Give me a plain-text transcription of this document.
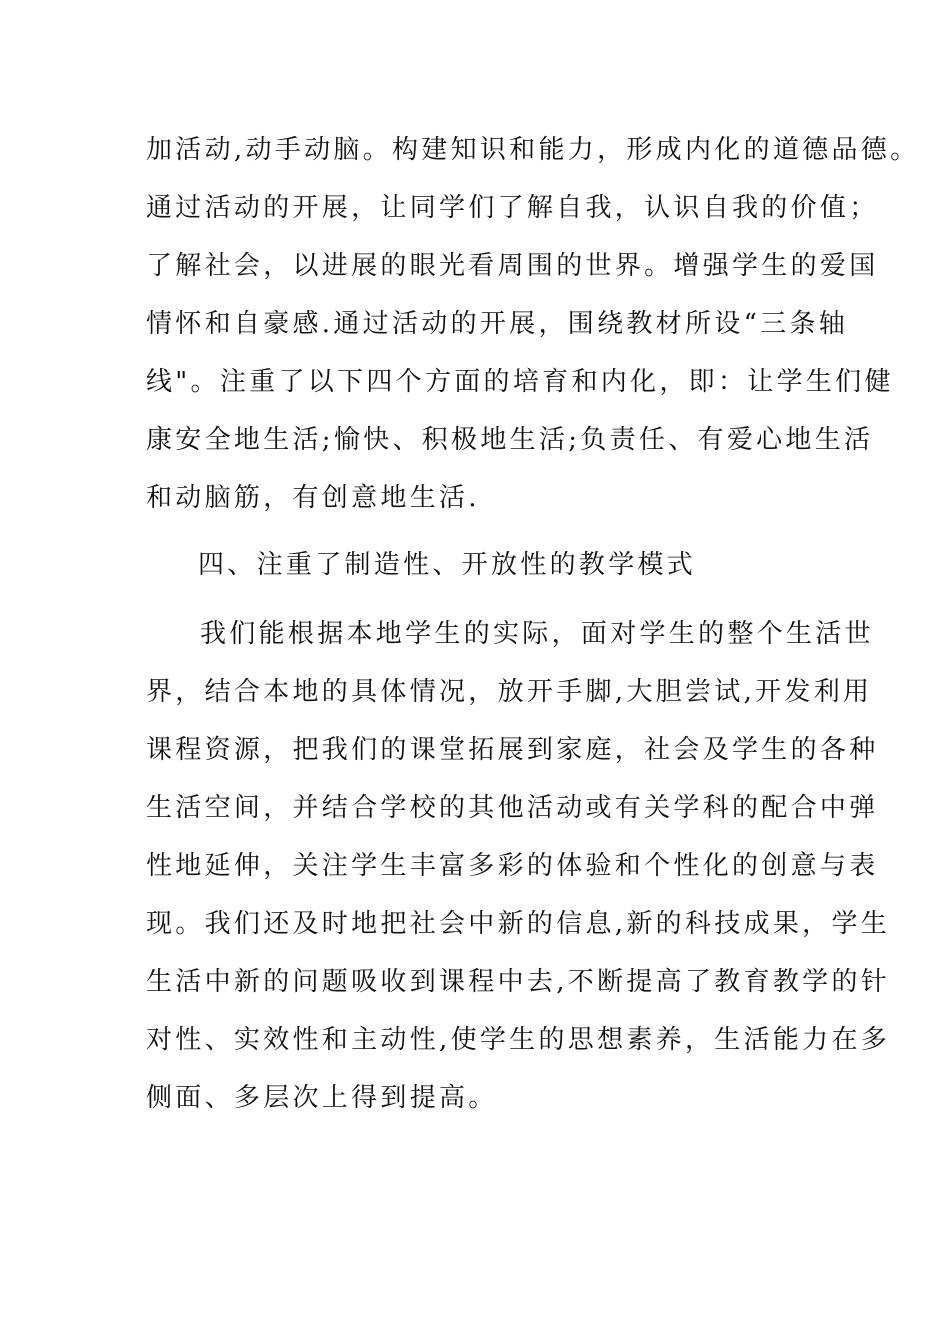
加活动,动手动脑。构建知识和能力，形成内化的道德品德。
通过活动的开展，让同学们了解自我，认识自我的价值；
了解社会，以进展的眼光看周围的世界。增强学生的爱国
情怀和自豪感.通过活动的开展，围绕教材所设“三条轴
线"。注重了以下四个方面的培育和内化，即：让学生们健
康安全地生活;愉快、积极地生活;负责任、有爱心地生活
和动脑筋，有创意地生活.
四、注重了制造性、开放性的教学模式
我们能根据本地学生的实际，面对学生的整个生活世
界，结合本地的具体情况，放开手脚,大胆尝试,开发利用
课程资源，把我们的课堂拓展到家庭，社会及学生的各种
生活空间，并结合学校的其他活动或有关学科的配合中弹
性地延伸，关注学生丰富多彩的体验和个性化的创意与表
现。我们还及时地把社会中新的信息,新的科技成果，学生
生活中新的问题吸收到课程中去,不断提高了教育教学的针
对性、实效性和主动性,使学生的思想素养，生活能力在多
侧面、多层次上得到提高。
